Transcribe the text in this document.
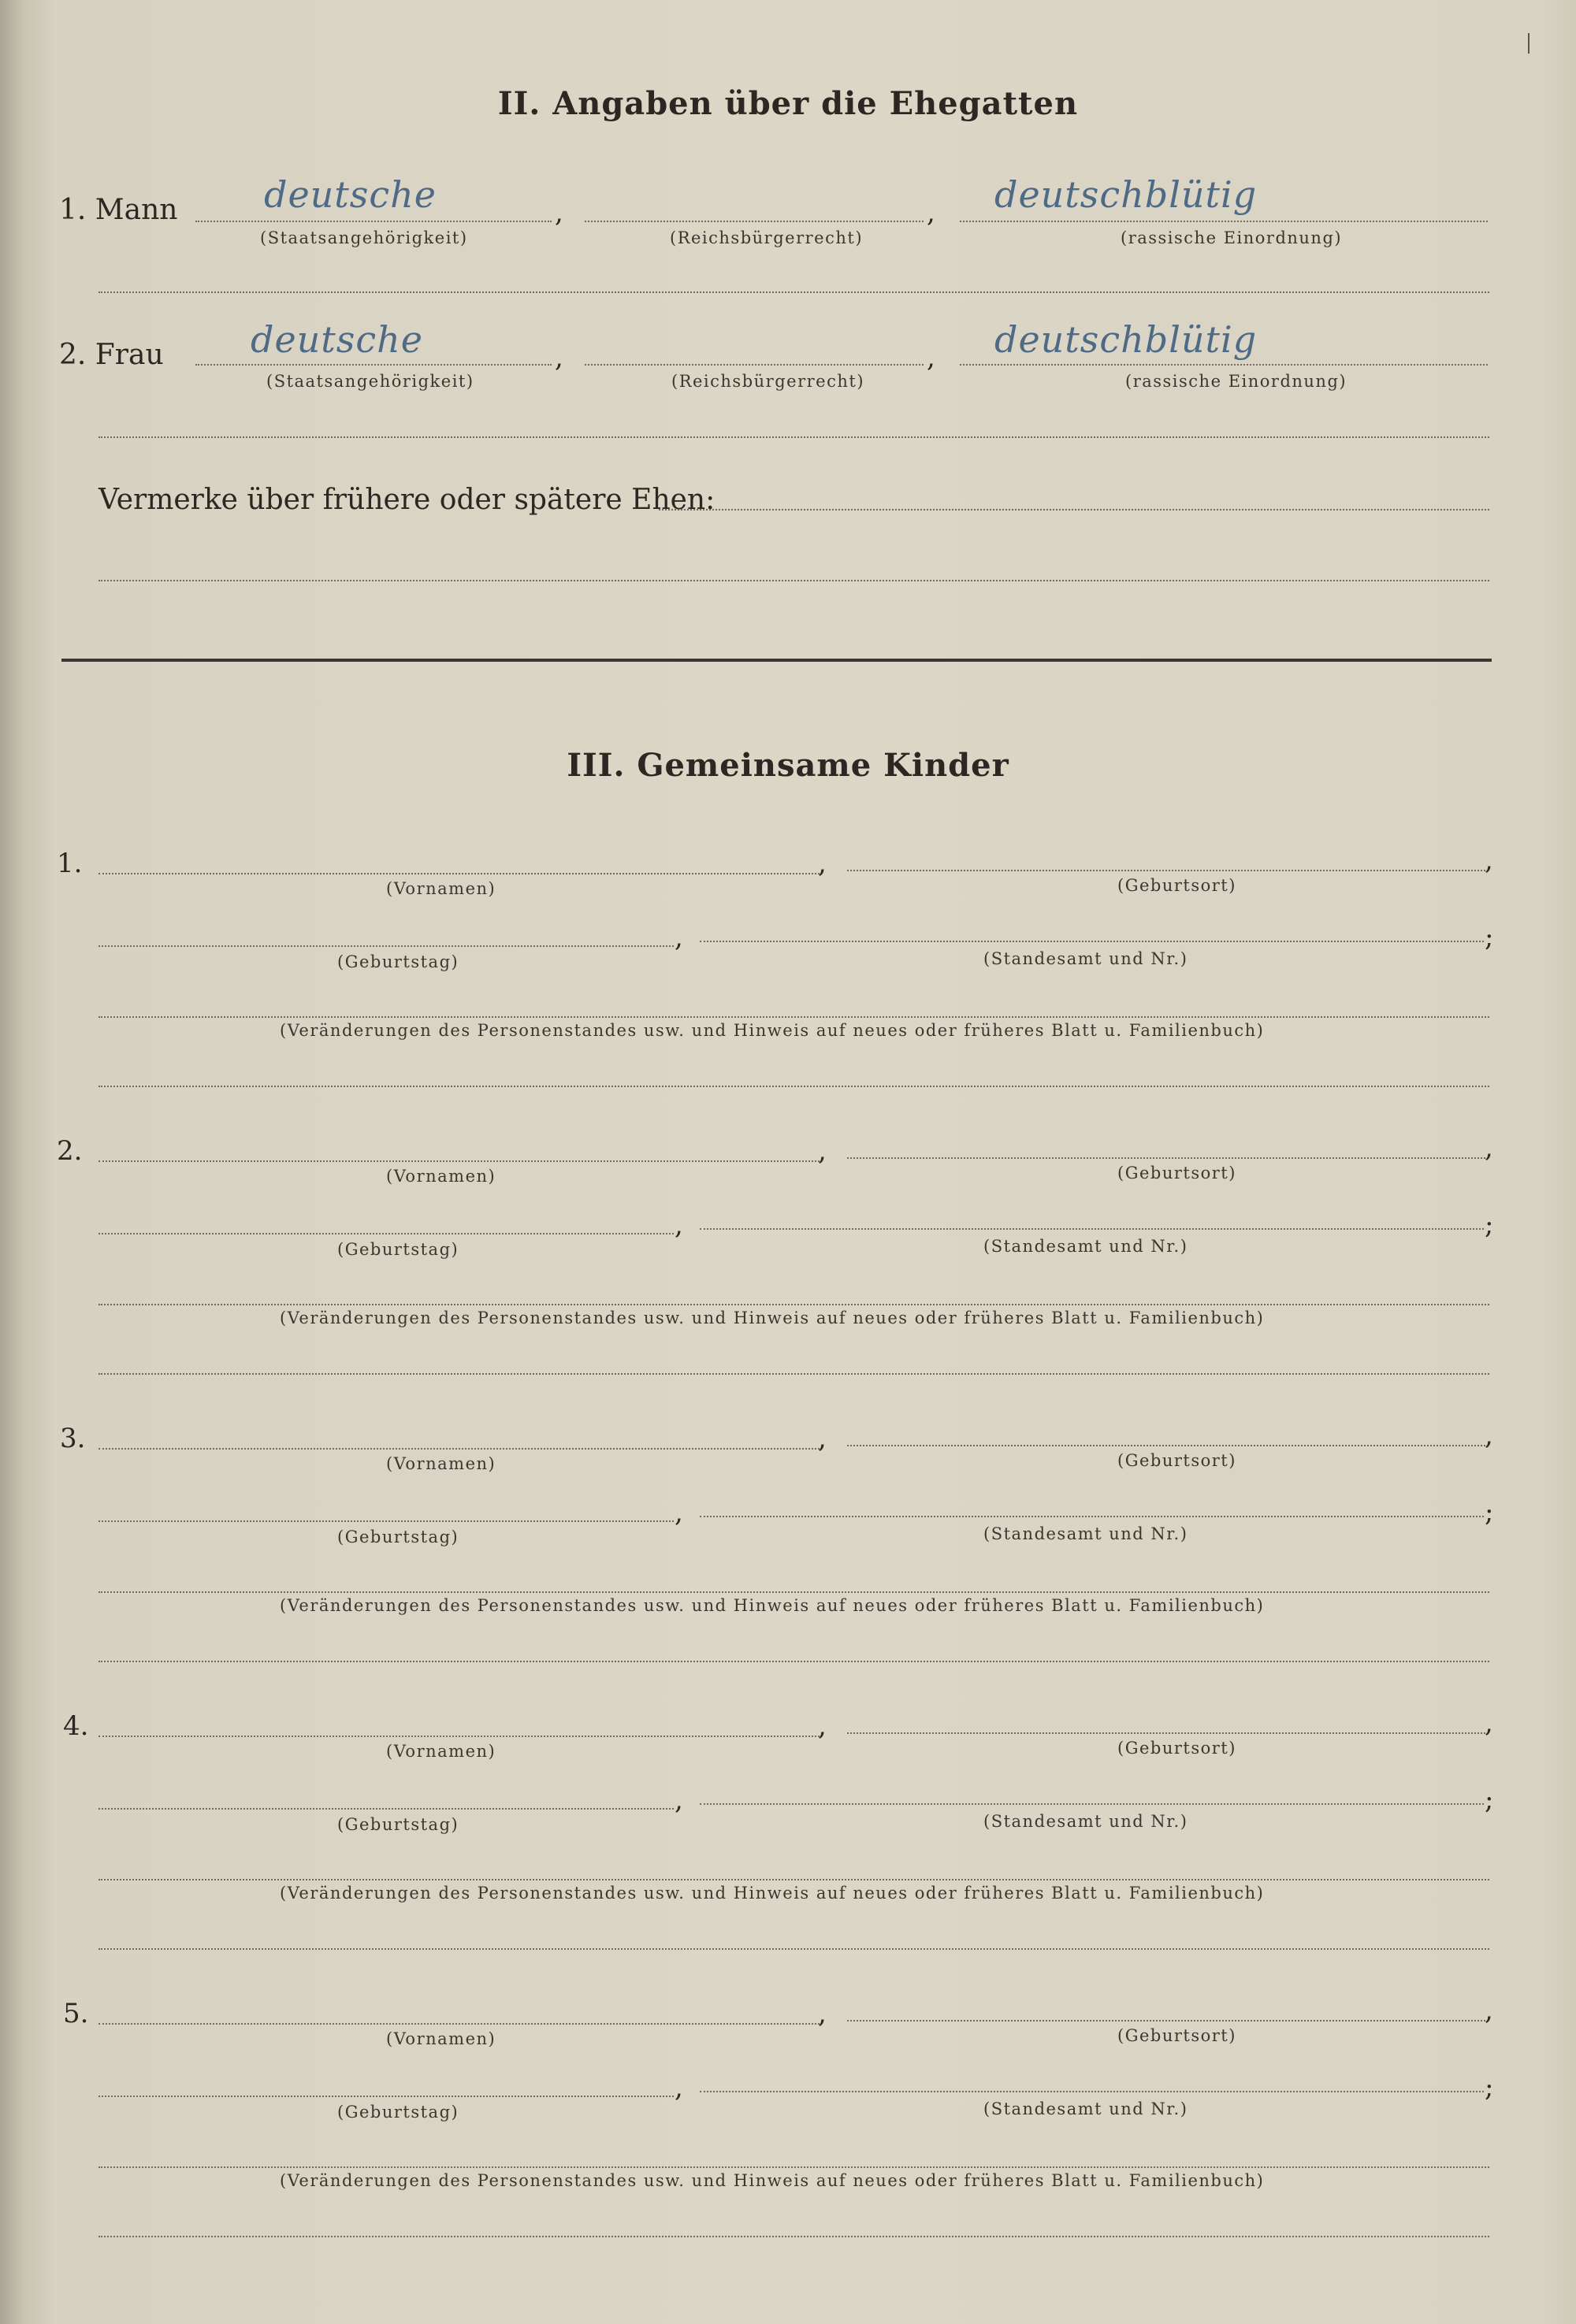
II. Angaben über die Ehegatten
1. Mann deutsche	,	, deutschblütig
(Staatsangehörigkeit)	(Reichsbürgerrecht)	(rassische Einordnung)
2. Frau deutsche	,	, deutschblütig
(Staatsangehörigkeit)	(Reichsbürgerrecht)	(rassische Einordnung)
Vermerke über frühere oder spätere Ehen:
III. Gemeinsame Kinder
1.	,	,
(Vornamen)	(Geburtsort)
,	;
(Geburtstag)	(Standesamt und Nr.)
(Veränderungen des Personenstandes usw. und Hinweis auf neues oder früheres Blatt u. Familienbuch)
2.	,	,
(Vornamen)	(Geburtsort)
,	;
(Geburtstag)	(Standesamt und Nr.)
(Veränderungen des Personenstandes usw. und Hinweis auf neues oder früheres Blatt u. Familienbuch)
3.	,	,
(Vornamen)	(Geburtsort)
,	;
(Geburtstag)	(Standesamt und Nr.)
(Veränderungen des Personenstandes usw. und Hinweis auf neues oder früheres Blatt u. Familienbuch)
4.	,	,
(Vornamen)	(Geburtsort)
,	;
(Geburtstag)	(Standesamt und Nr.)
(Veränderungen des Personenstandes usw. und Hinweis auf neues oder früheres Blatt u. Familienbuch)
5.	,	,
(Vornamen)	(Geburtsort)
,	;
(Geburtstag)	(Standesamt und Nr.)
(Veränderungen des Personenstandes usw. und Hinweis auf neues oder früheres Blatt u. Familienbuch)
